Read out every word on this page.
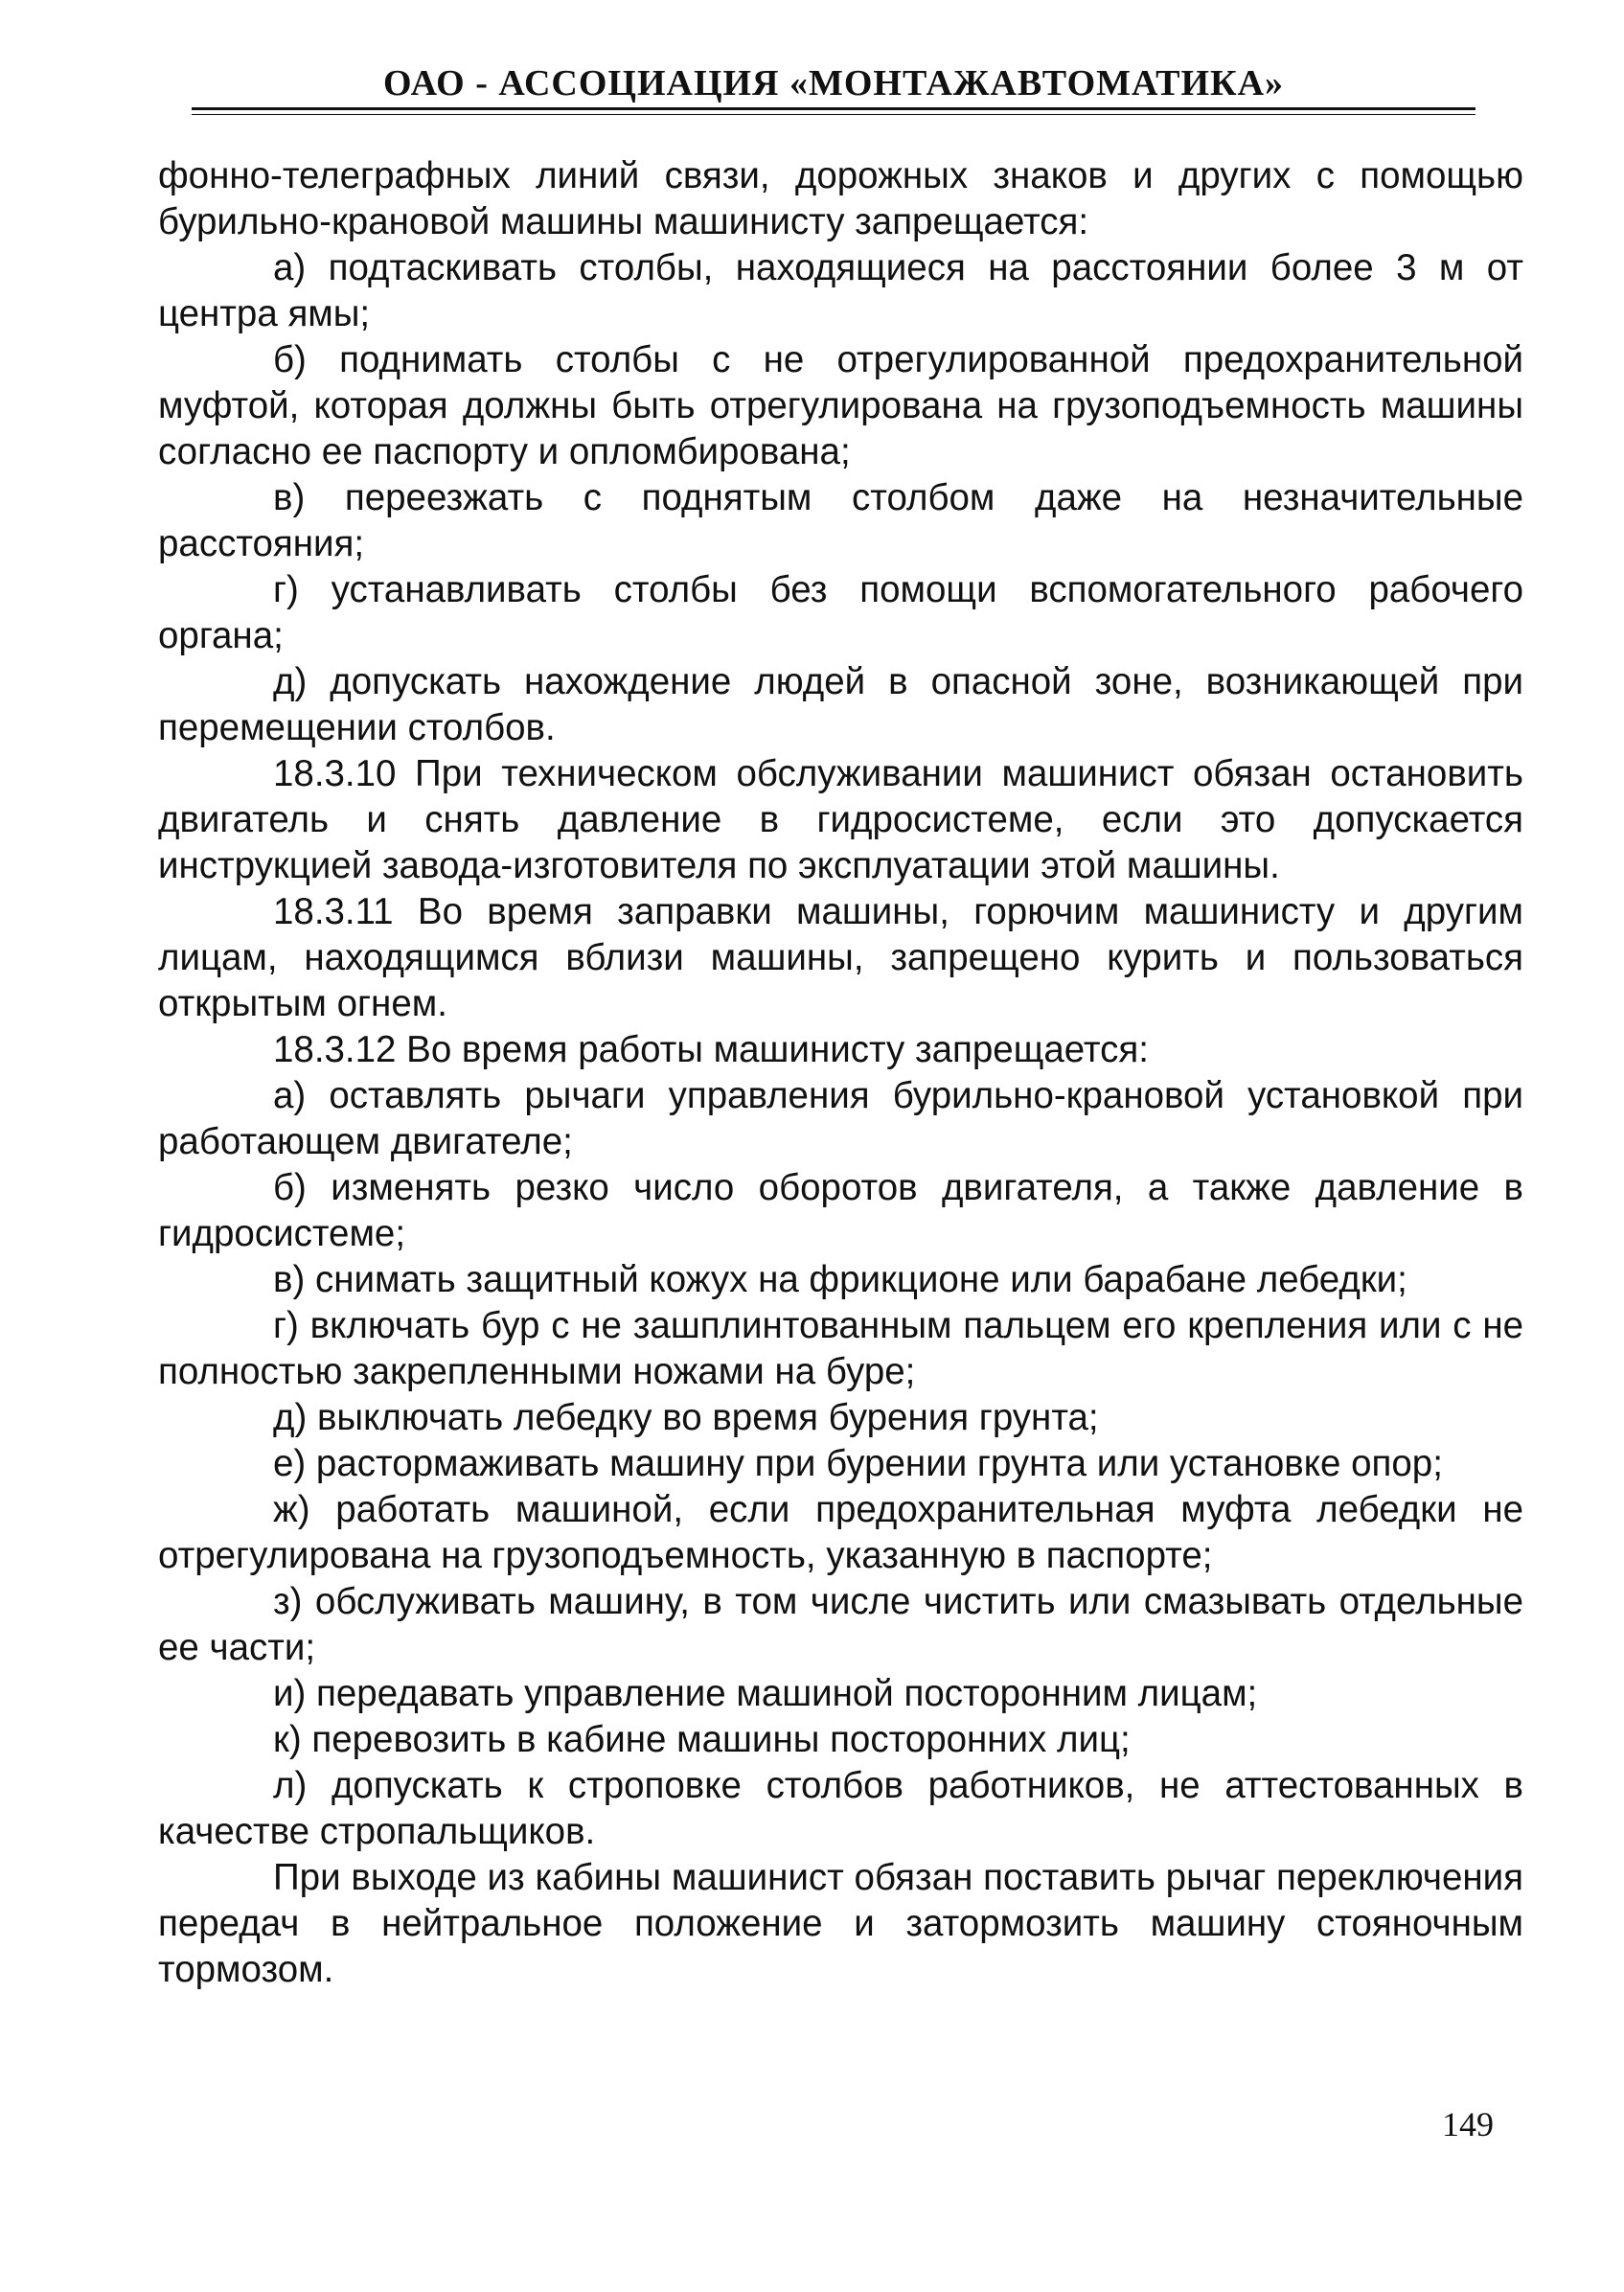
ОАО - АССОЦИАЦИЯ «МОНТАЖАВТОМАТИКА»

фонно-телеграфных линий связи, дорожных знаков и других с помощью бурильно-крановой машины машинисту запрещается:

а) подтаскивать столбы, находящиеся на расстоянии более 3 м от центра ямы;

б) поднимать столбы с не отрегулированной предохранительной муфтой, которая должны быть отрегулирована на грузоподъемность машины согласно ее паспорту и опломбирована;

в) переезжать с поднятым столбом даже на незначительные расстояния;

г) устанавливать столбы без помощи вспомогательного рабочего органа;

д) допускать нахождение людей в опасной зоне, возникающей при перемещении столбов.

18.3.10 При техническом обслуживании машинист обязан остановить двигатель и снять давление в гидросистеме, если это допускается инструкцией завода-изготовителя по эксплуатации этой машины.

18.3.11 Во время заправки машины, горючим машинисту и другим лицам, находящимся вблизи машины, запрещено курить и пользоваться открытым огнем.

18.3.12 Во время работы машинисту запрещается:

а) оставлять рычаги управления бурильно-крановой установкой при работающем двигателе;

б) изменять резко число оборотов двигателя, а также давление в гидросистеме;

в) снимать защитный кожух на фрикционе или барабане лебедки;

г) включать бур с не зашплинтованным пальцем его крепления или с не полностью закрепленными ножами на буре;

д) выключать лебедку во время бурения грунта;

е) растормаживать машину при бурении грунта или установке опор;

ж) работать машиной, если предохранительная муфта лебедки не отрегулирована на грузоподъемность, указанную в паспорте;

з) обслуживать машину, в том числе чистить или смазывать отдельные ее части;

и) передавать управление машиной посторонним лицам;

к) перевозить в кабине машины посторонних лиц;

л) допускать к строповке столбов работников, не аттестованных в качестве стропальщиков.

При выходе из кабины машинист обязан поставить рычаг переключения передач в нейтральное положение и затормозить машину стояночным тормозом.

149
